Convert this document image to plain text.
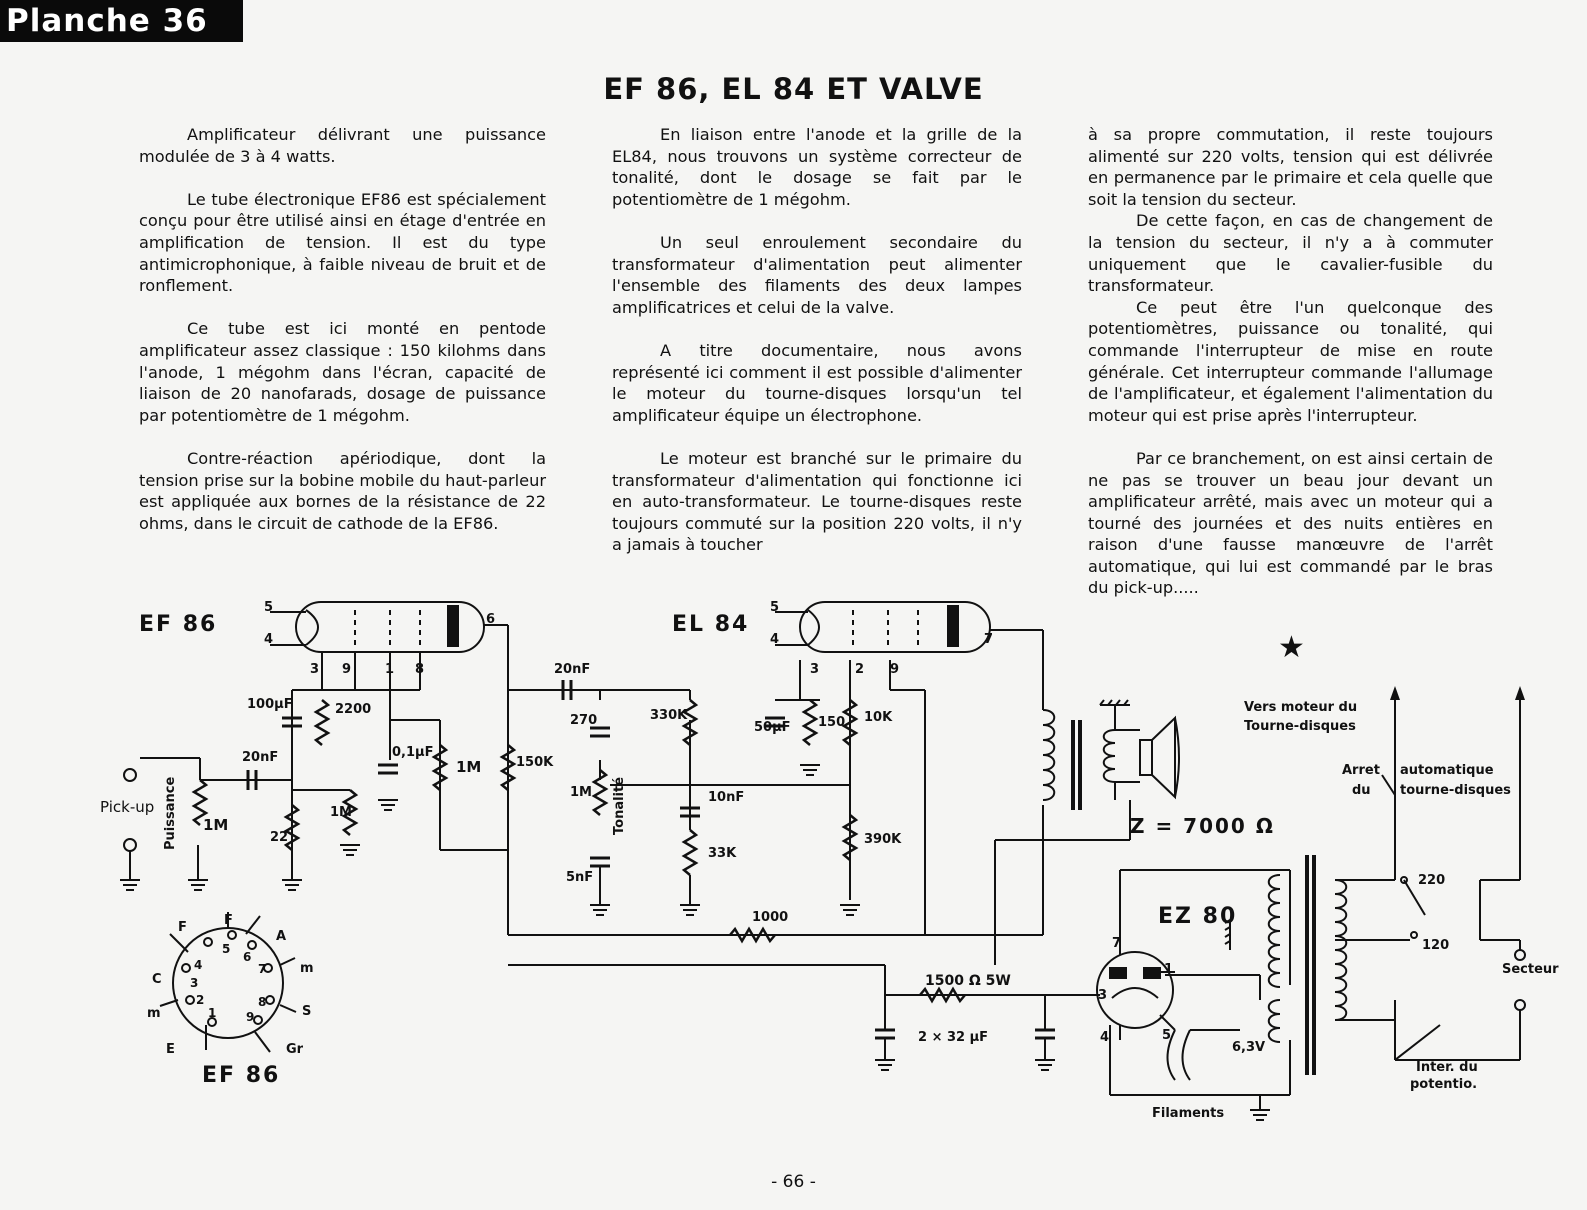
Planche 36
EF 86, EL 84 ET VALVE

Amplificateur délivrant une puissance modulée de 3 à 4 watts.

Le tube électronique EF86 est spécialement conçu pour être utilisé ainsi en étage d'entrée en amplification de tension. Il est du type antimicrophonique, à faible niveau de bruit et de ronflement.

Ce tube est ici monté en pentode amplificateur assez classique : 150 kilohms dans l'anode, 1 mégohm dans l'écran, capacité de liaison de 20 nanofarads, dosage de puissance par potentiomètre de 1 mégohm.

Contre-réaction apériodique, dont la tension prise sur la bobine mobile du haut-parleur est appliquée aux bornes de la résistance de 22 ohms, dans le circuit de cathode de la EF86.

En liaison entre l'anode et la grille de la EL84, nous trouvons un système correcteur de tonalité, dont le dosage se fait par le potentiomètre de 1 mégohm.

Un seul enroulement secondaire du transformateur d'alimentation peut alimenter l'ensemble des filaments des deux lampes amplificatrices et celui de la valve.

A titre documentaire, nous avons représenté ici comment il est possible d'alimenter le moteur du tourne-disques lorsqu'un tel amplificateur équipe un électrophone.

Le moteur est branché sur le primaire du transformateur d'alimentation qui fonctionne ici en auto-transformateur. Le tourne-disques reste toujours commuté sur la position 220 volts, il n'y a jamais à toucher

à sa propre commutation, il reste toujours alimenté sur 220 volts, tension qui est délivrée en permanence par le primaire et cela quelle que soit la tension du secteur.

De cette façon, en cas de changement de la tension du secteur, il n'y a à commuter uniquement que le cavalier-fusible du transformateur.

Ce peut être l'un quelconque des potentiomètres, puissance ou tonalité, qui commande l'interrupteur de mise en route générale. Cet interrupteur commande l'allumage de l'amplificateur, et également l'alimentation du moteur qui est prise après l'interrupteur.

Par ce branchement, on est ainsi certain de ne pas se trouver un beau jour devant un amplificateur arrêté, mais avec un moteur qui a tourné des journées et des nuits entières en raison d'une fausse manœuvre de l'arrêt automatique, qui lui est commandé par le bras du pick-up.....

★
EF 86	EL 84
EZ 80
EF 86
Z = 7000 Ω
Pick-up Puissance	Tonalité
Vers moteur du
Tourne-disques
Arret automatique
du tourne-disques
Secteur
Inter. du
potentio.
Filaments
6,3V
1500 Ω 5W
2 × 32 µF
220
120
100µF	2200
0,1µF
1M
20nF
22
1M
1M	150K
20nF
270	330K
1M	10nF
33K
5nF
50µF 150 10K
390K
1000
5
4
3 9	1 8
6
5
4
3	2 9
7
7
1
3
4	5
F	F
A
C
m
m	S
E	Gr
5
6
4	7
3
2	8
1 9
- 66 -
